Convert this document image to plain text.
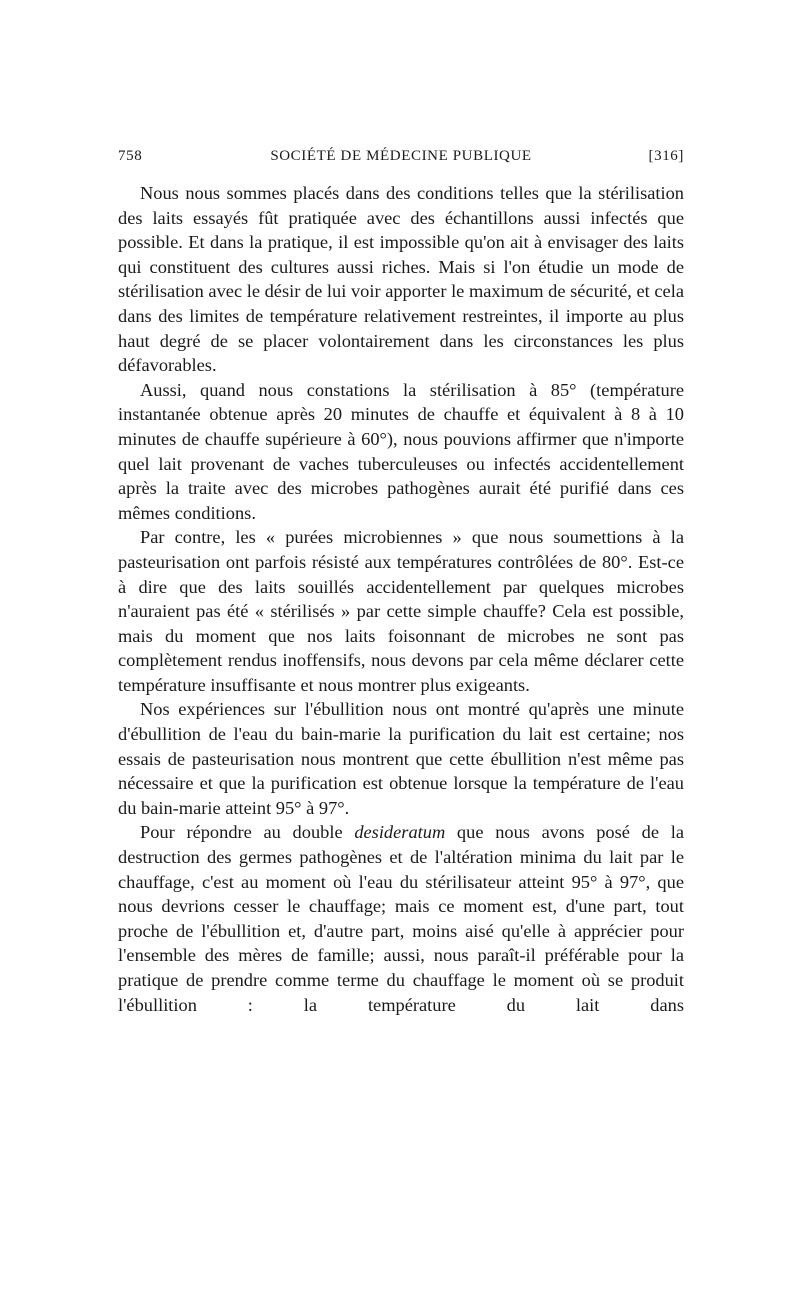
758	SOCIÉTÉ DE MÉDECINE PUBLIQUE	[316]

Nous nous sommes placés dans des conditions telles que la stérilisation des laits essayés fût pratiquée avec des échantillons aussi infectés que possible. Et dans la pratique, il est impossible qu'on ait à envisager des laits qui constituent des cultures aussi riches. Mais si l'on étudie un mode de stérilisation avec le désir de lui voir apporter le maximum de sécurité, et cela dans des limites de température relativement restreintes, il importe au plus haut degré de se placer volontairement dans les circonstances les plus défavorables.

Aussi, quand nous constations la stérilisation à 85° (température instantanée obtenue après 20 minutes de chauffe et équivalent à 8 à 10 minutes de chauffe supérieure à 60°), nous pouvions affirmer que n'importe quel lait provenant de vaches tuberculeuses ou infectés accidentellement après la traite avec des microbes pathogènes aurait été purifié dans ces mêmes conditions.

Par contre, les « purées microbiennes » que nous soumettions à la pasteurisation ont parfois résisté aux températures contrôlées de 80°. Est-ce à dire que des laits souillés accidentellement par quelques microbes n'auraient pas été « stérilisés » par cette simple chauffe? Cela est possible, mais du moment que nos laits foisonnant de microbes ne sont pas complètement rendus inoffensifs, nous devons par cela même déclarer cette température insuffisante et nous montrer plus exigeants.

Nos expériences sur l'ébullition nous ont montré qu'après une minute d'ébullition de l'eau du bain-marie la purification du lait est certaine; nos essais de pasteurisation nous montrent que cette ébullition n'est même pas nécessaire et que la purification est obtenue lorsque la température de l'eau du bain-marie atteint 95° à 97°.

Pour répondre au double desideratum que nous avons posé de la destruction des germes pathogènes et de l'altération minima du lait par le chauffage, c'est au moment où l'eau du stérilisateur atteint 95° à 97°, que nous devrions cesser le chauffage; mais ce moment est, d'une part, tout proche de l'ébullition et, d'autre part, moins aisé qu'elle à apprécier pour l'ensemble des mères de famille; aussi, nous paraît-il préférable pour la pratique de prendre comme terme du chauffage le moment où se produit l'ébullition : la température du lait dans
